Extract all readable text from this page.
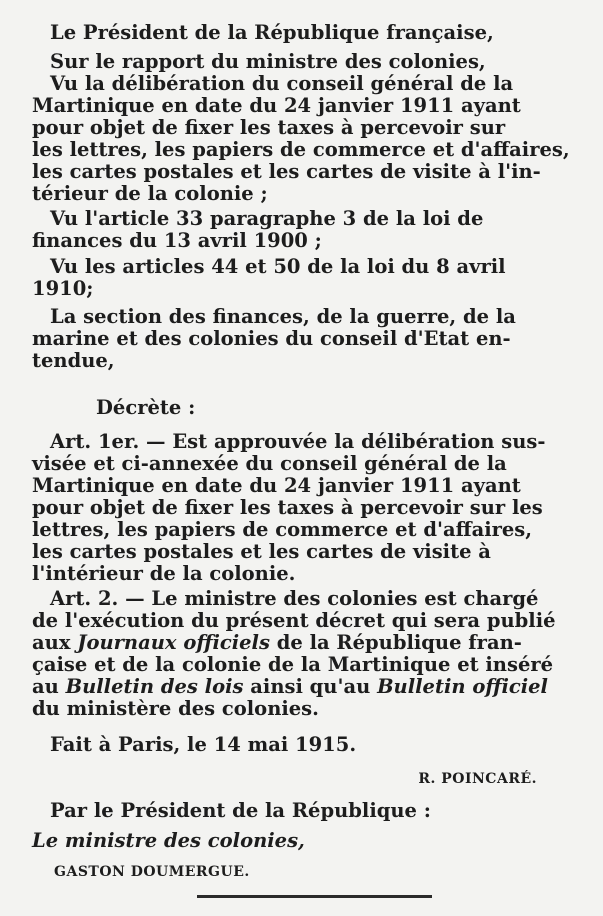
Le Président de la République française,
Sur le rapport du ministre des colonies,
Vu la délibération du conseil général de la
Martinique en date du 24 janvier 1911 ayant
pour objet de fixer les taxes à percevoir sur
les lettres, les papiers de commerce et d'affaires,
les cartes postales et les cartes de visite à l'in-
térieur de la colonie ;
Vu l'article 33 paragraphe 3 de la loi de
finances du 13 avril 1900 ;
Vu les articles 44 et 50 de la loi du 8 avril
1910;
La section des finances, de la guerre, de la
marine et des colonies du conseil d'Etat en-
tendue,
Décrète :
Art. 1er. — Est approuvée la délibération sus-
visée et ci-annexée du conseil général de la
Martinique en date du 24 janvier 1911 ayant
pour objet de fixer les taxes à percevoir sur les
lettres, les papiers de commerce et d'affaires,
les cartes postales et les cartes de visite à
l'intérieur de la colonie.
Art. 2. — Le ministre des colonies est chargé
de l'exécution du présent décret qui sera publié
aux Journaux officiels de la République fran-
çaise et de la colonie de la Martinique et inséré
au Bulletin des lois ainsi qu'au Bulletin officiel
du ministère des colonies.
Fait à Paris, le 14 mai 1915.
R. POINCARÉ.
Par le Président de la République :
Le ministre des colonies,
GASTON DOUMERGUE.
